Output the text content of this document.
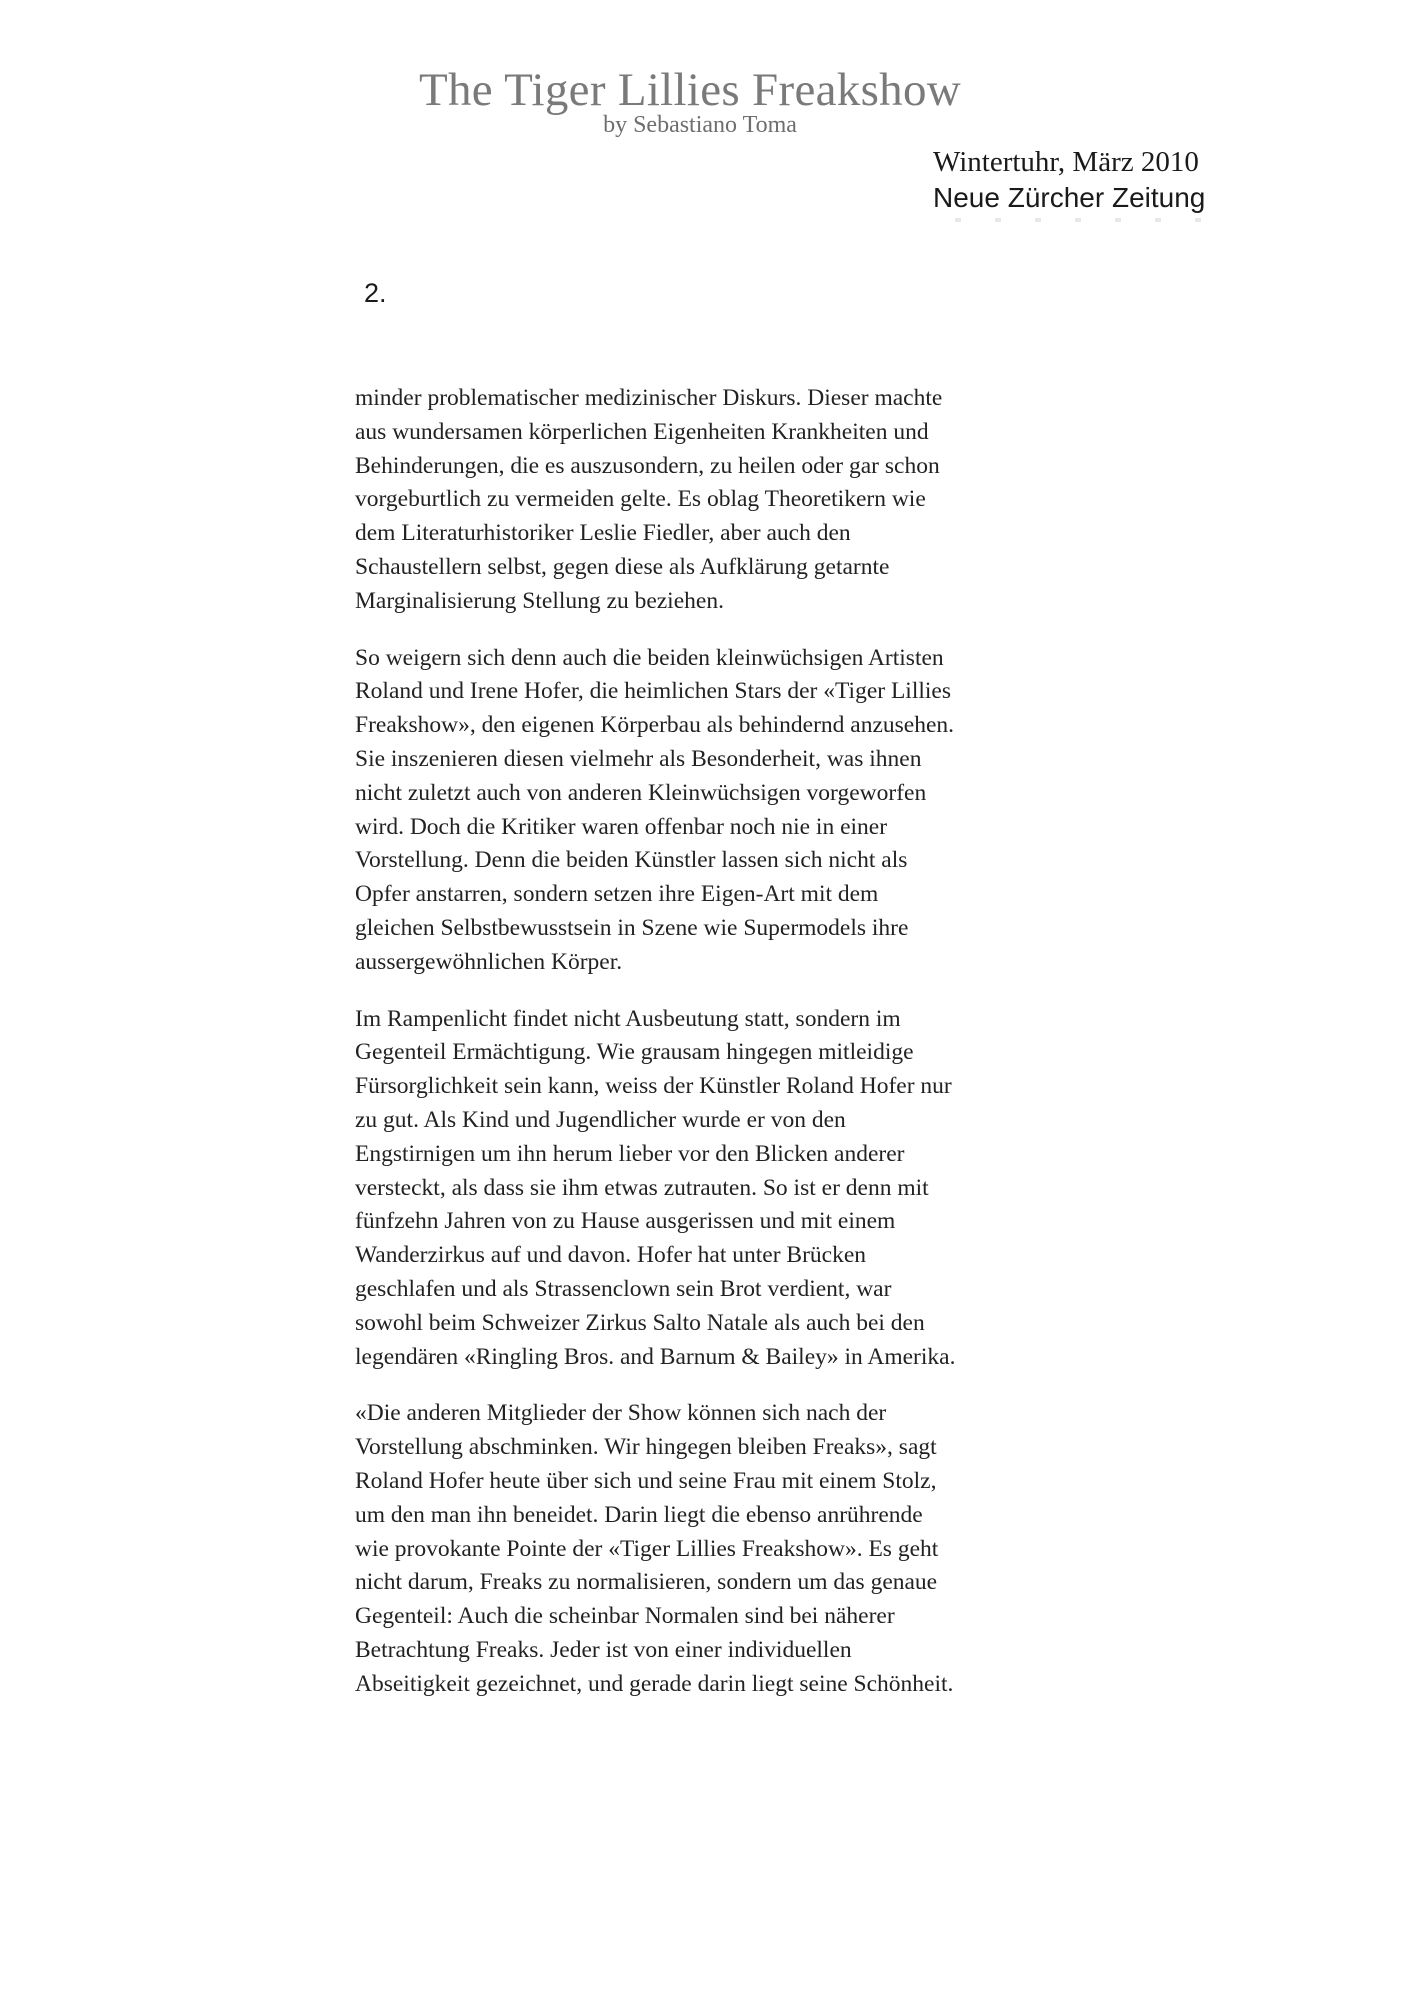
The Tiger Lillies Freakshow
by Sebastiano Toma
Wintertuhr, März 2010
Neue Zürcher Zeitung
2.

minder problematischer medizinischer Diskurs. Dieser machte
aus wundersamen körperlichen Eigenheiten Krankheiten und
Behinderungen, die es auszusondern, zu heilen oder gar schon
vorgeburtlich zu vermeiden gelte. Es oblag Theoretikern wie
dem Literaturhistoriker Leslie Fiedler, aber auch den
Schaustellern selbst, gegen diese als Aufklärung getarnte
Marginalisierung Stellung zu beziehen.

So weigern sich denn auch die beiden kleinwüchsigen Artisten
Roland und Irene Hofer, die heimlichen Stars der «Tiger Lillies
Freakshow», den eigenen Körperbau als behindernd anzusehen.
Sie inszenieren diesen vielmehr als Besonderheit, was ihnen
nicht zuletzt auch von anderen Kleinwüchsigen vorgeworfen
wird. Doch die Kritiker waren offenbar noch nie in einer
Vorstellung. Denn die beiden Künstler lassen sich nicht als
Opfer anstarren, sondern setzen ihre Eigen-Art mit dem
gleichen Selbstbewusstsein in Szene wie Supermodels ihre
aussergewöhnlichen Körper.

Im Rampenlicht findet nicht Ausbeutung statt, sondern im
Gegenteil Ermächtigung. Wie grausam hingegen mitleidige
Fürsorglichkeit sein kann, weiss der Künstler Roland Hofer nur
zu gut. Als Kind und Jugendlicher wurde er von den
Engstirnigen um ihn herum lieber vor den Blicken anderer
versteckt, als dass sie ihm etwas zutrauten. So ist er denn mit
fünfzehn Jahren von zu Hause ausgerissen und mit einem
Wanderzirkus auf und davon. Hofer hat unter Brücken
geschlafen und als Strassenclown sein Brot verdient, war
sowohl beim Schweizer Zirkus Salto Natale als auch bei den
legendären «Ringling Bros. and Barnum & Bailey» in Amerika.

«Die anderen Mitglieder der Show können sich nach der
Vorstellung abschminken. Wir hingegen bleiben Freaks», sagt
Roland Hofer heute über sich und seine Frau mit einem Stolz,
um den man ihn beneidet. Darin liegt die ebenso anrührende
wie provokante Pointe der «Tiger Lillies Freakshow». Es geht
nicht darum, Freaks zu normalisieren, sondern um das genaue
Gegenteil: Auch die scheinbar Normalen sind bei näherer
Betrachtung Freaks. Jeder ist von einer individuellen
Abseitigkeit gezeichnet, und gerade darin liegt seine Schönheit.
